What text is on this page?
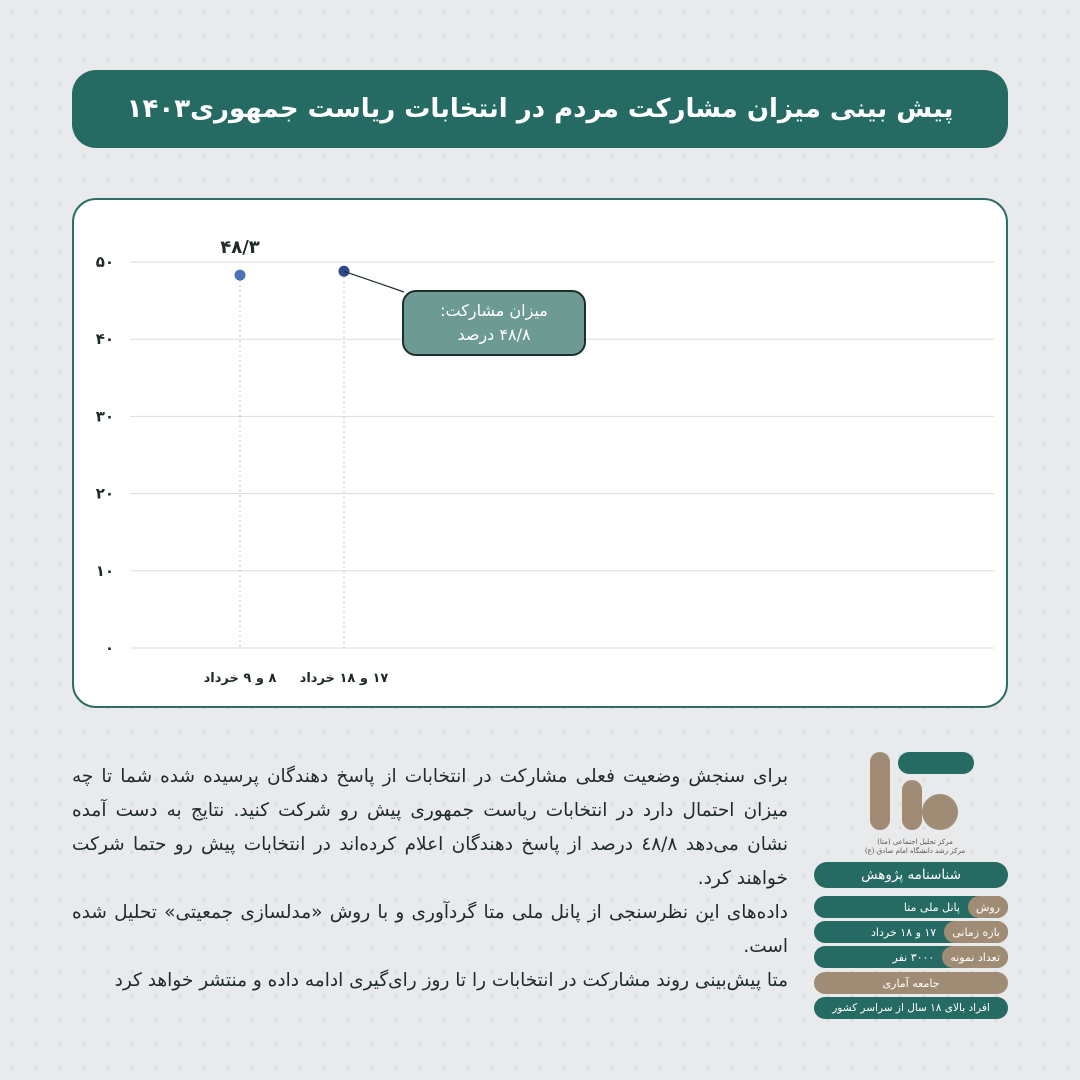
پیش بینی میزان مشارکت مردم در انتخابات ریاست جمهوری۱۴۰۳
۰
۱۰
۲۰
۳۰
۴۰
۵۰
۸ و ۹ خرداد
۴۸/۳
۱۷ و ۱۸ خرداد
میزان مشارکت:
۴۸/۸ درصد

برای سنجش وضعیت فعلی مشارکت در انتخابات از پاسخ دهندگان پرسیده شده شما تا چه میزان احتمال دارد در انتخابات ریاست جمهوری پیش رو شرکت کنید. نتایج به دست آمده نشان می‌دهد ٤٨/٨ درصد از پاسخ دهندگان اعلام کرده‌اند در انتخابات پیش رو حتما شرکت خواهند کرد.

داده‌های این نظرسنجی از پانل ملی متا گردآوری و با روش «مدلسازی جمعیتی» تحلیل شده است.

متا پیش‌بینی روند مشارکت در انتخابات را تا روز رای‌گیری ادامه داده و منتشر خواهد کرد

مرکز تحلیل اجتماعی (متا)
مرکز رشد دانشگاه امام صادق (ع)
شناسنامه پژوهش
روش
پانل ملی متا
بازه زمانی
۱۷ و ۱۸ خرداد
تعداد نمونه
۳۰۰۰ نفر
جامعه آماری
افراد بالای ۱۸ سال از سراسر کشور
